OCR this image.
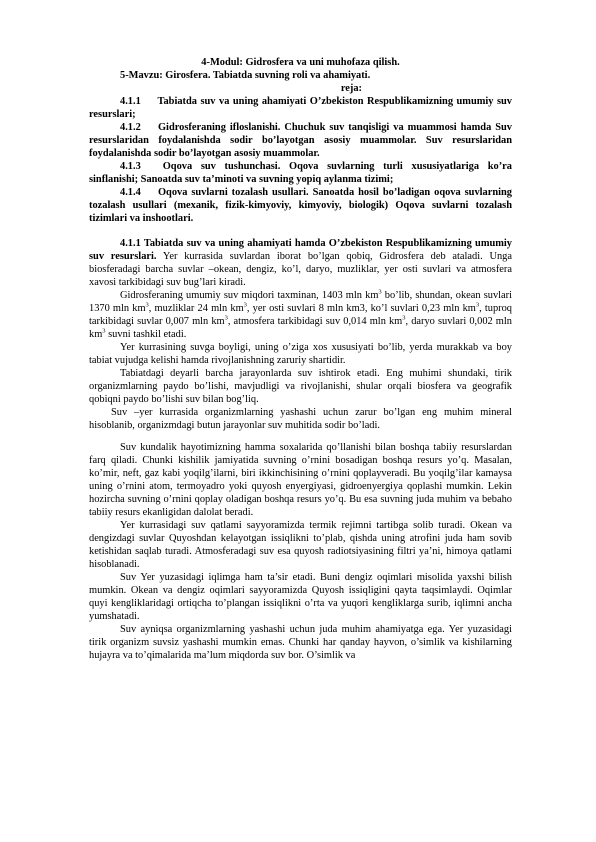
4-Modul: Gidrosfera va uni muhofaza qilish.

5-Mavzu: Girosfera. Tabiatda suvning roli va ahamiyati.

reja:

4.1.1 Tabiatda suv va uning ahamiyati O’zbekiston Respublikamizning umumiy suv resurslari;

4.1.2 Gidrosferaning ifloslanishi. Chuchuk suv tanqisligi va muammosi hamda Suv resurslaridan foydalanishda sodir bo’layotgan asosiy muammolar. Suv resurslaridan foydalanishda sodir bo’layotgan asosiy muammolar.

4.1.3 Oqova suv tushunchasi. Oqova suvlarning turli xususiyatlariga ko’ra sinflanishi; Sanoatda suv ta’minoti va suvning yopiq aylanma tizimi;

4.1.4 Oqova suvlarni tozalash usullari. Sanoatda hosil bo’ladigan oqova suvlarning tozalash usullari (mexanik, fizik-kimyoviy, kimyoviy, biologik) Oqova suvlarni tozalash tizimlari va inshootlari.

4.1.1 Tabiatda suv va uning ahamiyati hamda O’zbekiston Respublikamizning umumiy suv resurslari. Yer kurrasida suvlardan iborat bo’lgan qobiq, Gidrosfera deb ataladi. Unga biosferadagi barcha suvlar –okean, dengiz, ko’l, daryo, muzliklar, yer osti suvlari va atmosfera xavosi tarkibidagi suv bug’lari kiradi.

Gidrosferaning umumiy suv miqdori taxminan, 1403 mln $km^3$ bo’lib, shundan, okean suvlari 1370 mln $km^3$, muzliklar 24 mln $km^3$, yer osti suvlari 8 mln km3, ko’l suvlari 0,23 mln $km^3$, tuproq tarkibidagi suvlar 0,007 mln $km^3$, atmosfera tarkibidagi suv 0,014 mln $km^3$, daryo suvlari 0,002 mln $km^3$ suvni tashkil etadi.

Yer kurrasining suvga boyligi, uning o’ziga xos xususiyati bo’lib, yerda murakkab va boy tabiat vujudga kelishi hamda rivojlanishning zaruriy shartidir.

Tabiatdagi deyarli barcha jarayonlarda suv ishtirok etadi. Eng muhimi shundaki, tirik organizmlarning paydo bo’lishi, mavjudligi va rivojlanishi, shular orqali biosfera va geografik qobiqni paydo bo’lishi suv bilan bog’liq.

Suv –yer kurrasida organizmlarning yashashi uchun zarur bo’lgan eng muhim mineral hisoblanib, organizmdagi butun jarayonlar suv muhitida sodir bo’ladi.

Suv kundalik hayotimizning hamma soxalarida qo’llanishi bilan boshqa tabiiy resurslardan farq qiladi. Chunki kishilik jamiyatida suvning o’rnini bosadigan boshqa resurs yo’q. Masalan, ko’mir, neft, gaz kabi yoqilg’ilarni, biri ikkinchisining o’rnini qoplayveradi. Bu yoqilg’ilar kamaysa uning o’rnini atom, termoyadro yoki quyosh enyergiyasi, gidroenyergiya qoplashi mumkin. Lekin hozircha suvning o’rnini qoplay oladigan boshqa resurs yo’q. Bu esa suvning juda muhim va bebaho tabiiy resurs ekanligidan dalolat beradi.

Yer kurrasidagi suv qatlami sayyoramizda termik rejimni tartibga solib turadi. Okean va dengizdagi suvlar Quyoshdan kelayotgan issiqlikni to’plab, qishda uning atrofini juda ham sovib ketishidan saqlab turadi. Atmosferadagi suv esa quyosh radiotsiyasining filtri ya’ni, himoya qatlami hisoblanadi.

Suv Yer yuzasidagi iqlimga ham ta’sir etadi. Buni dengiz oqimlari misolida yaxshi bilish mumkin. Okean va dengiz oqimlari sayyoramizda Quyosh issiqligini qayta taqsimlaydi. Oqimlar quyi kengliklaridagi ortiqcha to’plangan issiqlikni o’rta va yuqori kengliklarga surib, iqlimni ancha yumshatadi.

Suv ayniqsa organizmlarning yashashi uchun juda muhim ahamiyatga ega. Yer yuzasidagi tirik organizm suvsiz yashashi mumkin emas. Chunki har qanday hayvon, o’simlik va kishilarning hujayra va to’qimalarida ma’lum miqdorda suv bor. O’simlik va
